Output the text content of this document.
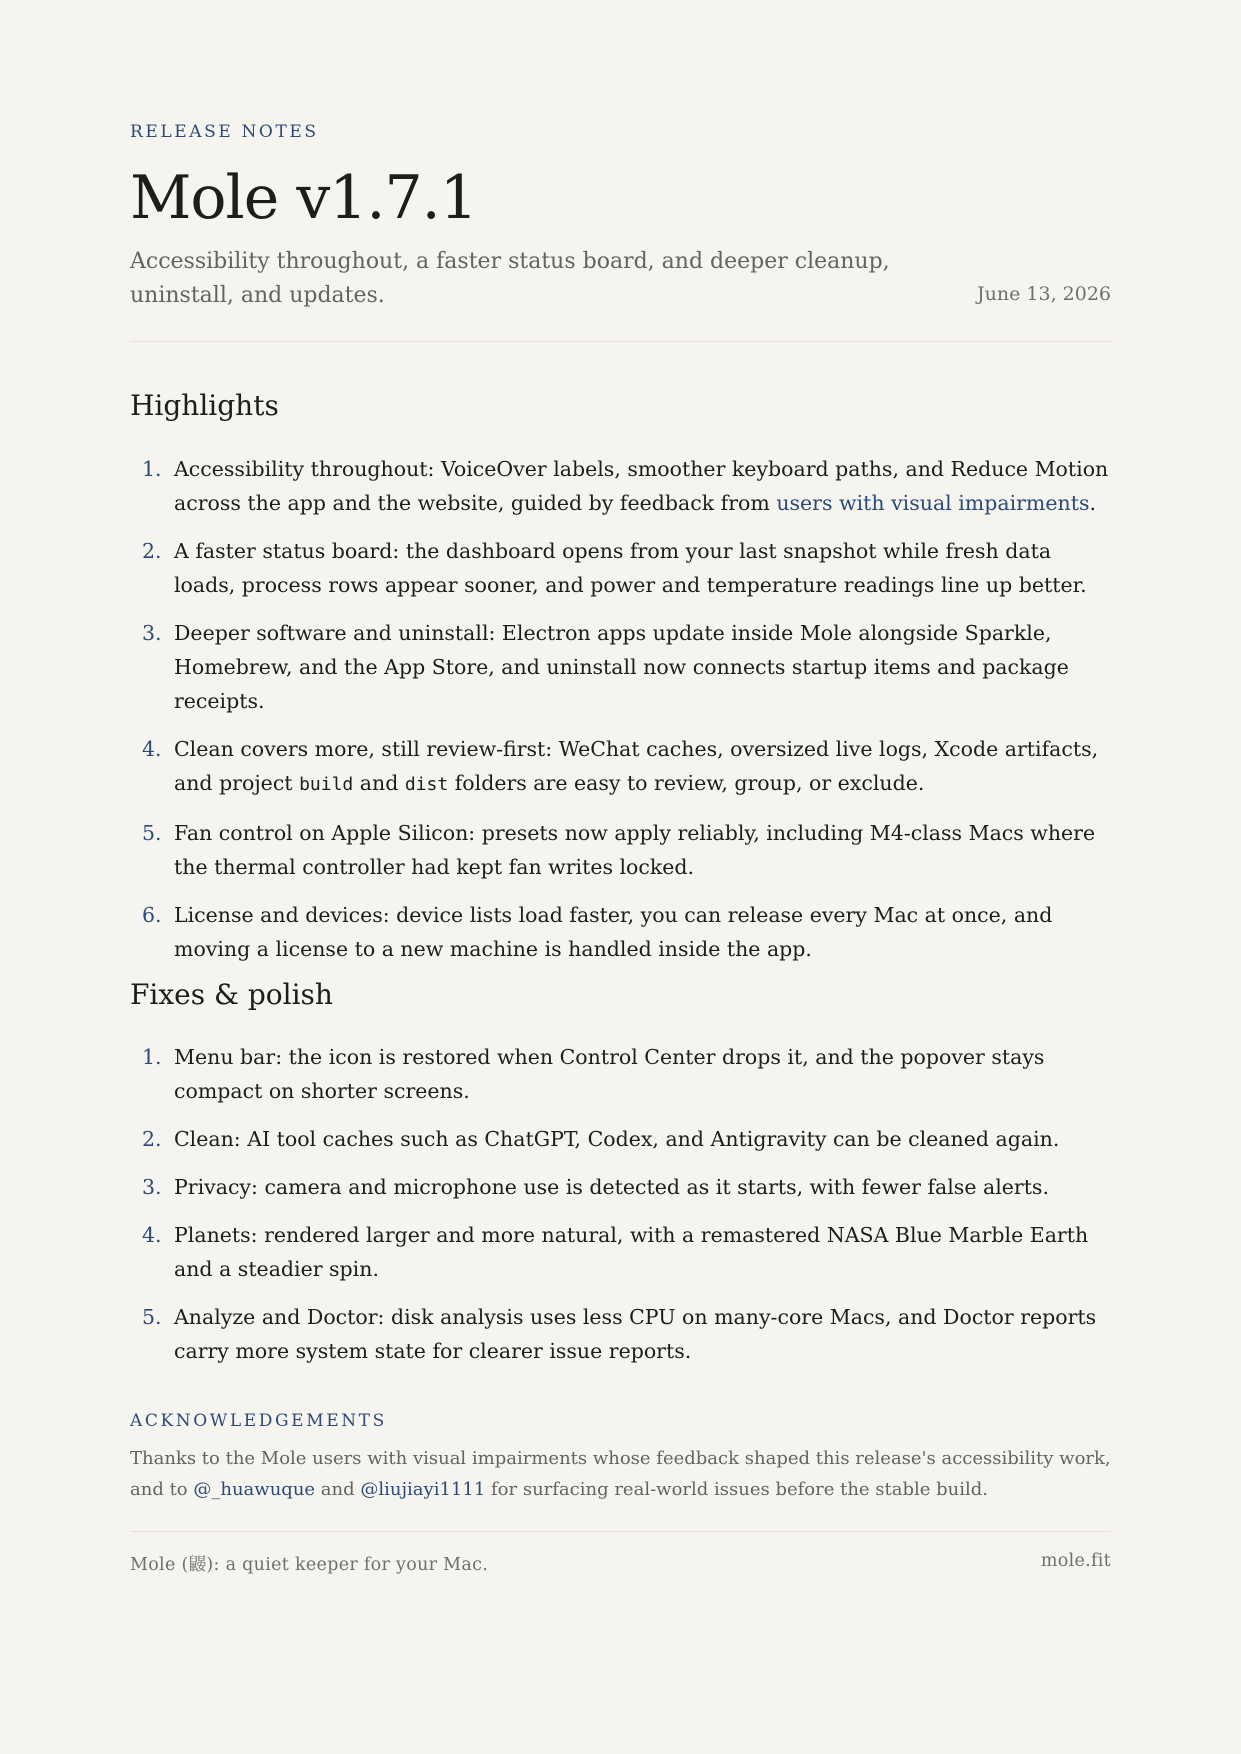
RELEASE NOTES
Mole v1.7.1
Accessibility throughout, a faster status board, and deeper cleanup, uninstall, and updates.	June 13, 2026
Highlights
1. Accessibility throughout: VoiceOver labels, smoother keyboard paths, and Reduce Motion across the app and the website, guided by feedback from users with visual impairments.
2. A faster status board: the dashboard opens from your last snapshot while fresh data loads, process rows appear sooner, and power and temperature readings line up better.
3. Deeper software and uninstall: Electron apps update inside Mole alongside Sparkle, Homebrew, and the App Store, and uninstall now connects startup items and package receipts.
4. Clean covers more, still review-first: WeChat caches, oversized live logs, Xcode artifacts, and project build and dist folders are easy to review, group, or exclude.
5. Fan control on Apple Silicon: presets now apply reliably, including M4-class Macs where the thermal controller had kept fan writes locked.
6. License and devices: device lists load faster, you can release every Mac at once, and moving a license to a new machine is handled inside the app.
Fixes & polish
1. Menu bar: the icon is restored when Control Center drops it, and the popover stays compact on shorter screens.
2. Clean: AI tool caches such as ChatGPT, Codex, and Antigravity can be cleaned again.
3. Privacy: camera and microphone use is detected as it starts, with fewer false alerts.
4. Planets: rendered larger and more natural, with a remastered NASA Blue Marble Earth and a steadier spin.
5. Analyze and Doctor: disk analysis uses less CPU on many-core Macs, and Doctor reports carry more system state for clearer issue reports.
ACKNOWLEDGEMENTS
Thanks to the Mole users with visual impairments whose feedback shaped this release's accessibility work, and to @_huawuque and @liujiayi1111 for surfacing real-world issues before the stable build.
Mole (鼹): a quiet keeper for your Mac.	mole.fit
